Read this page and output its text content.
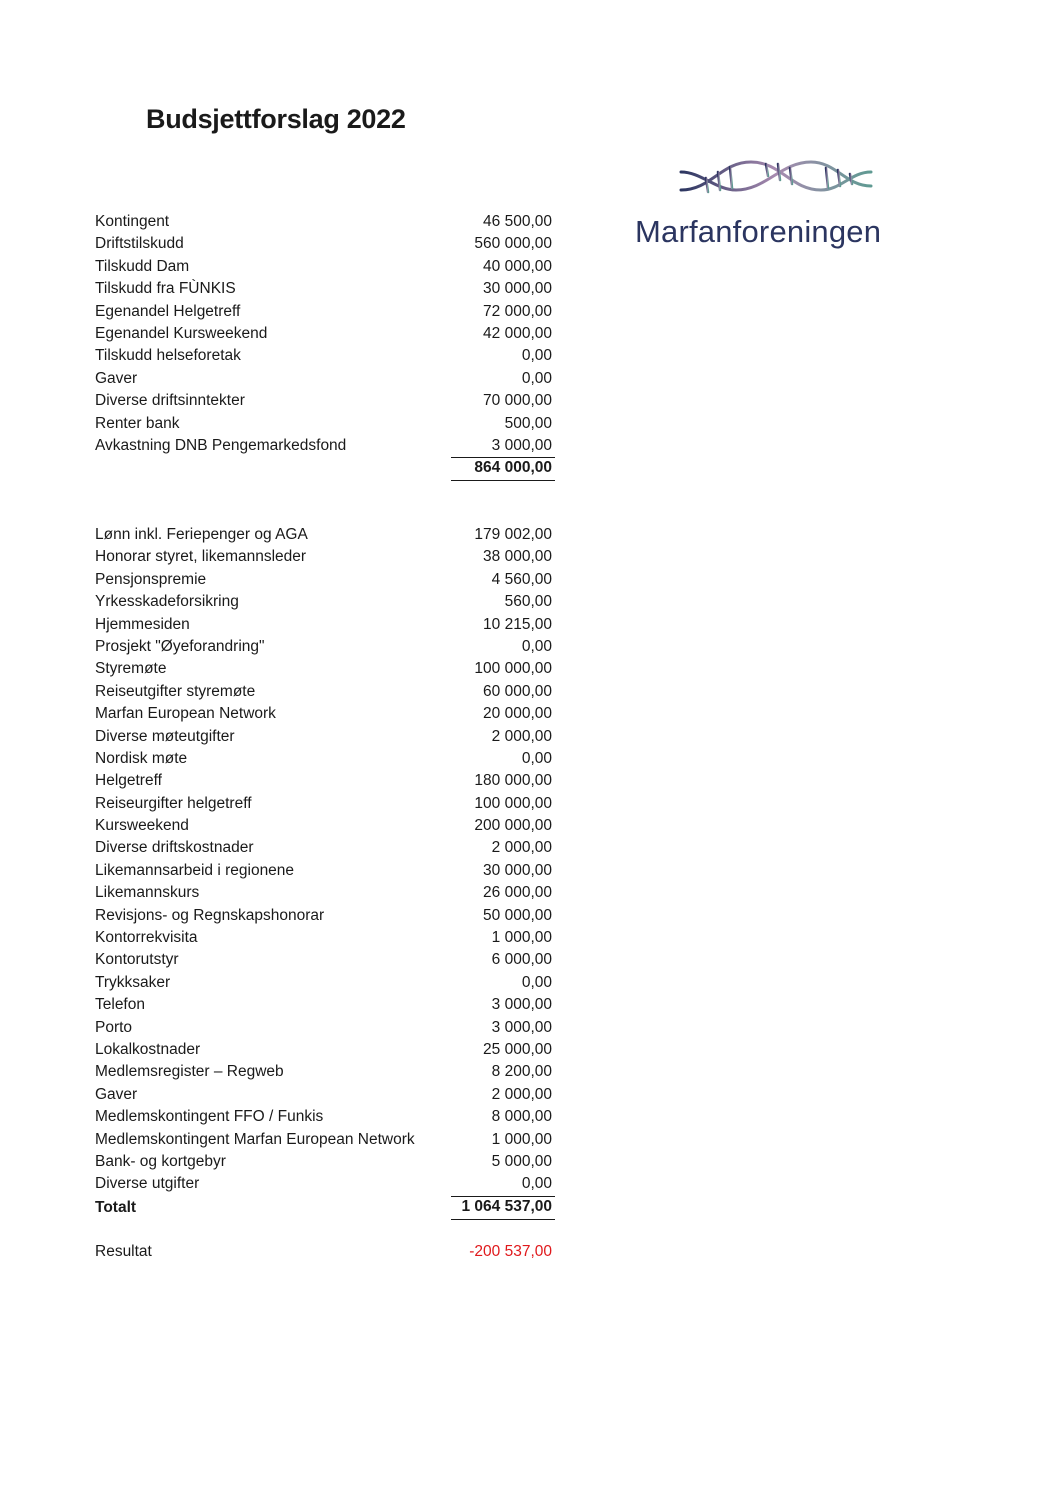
Budsjettforslag 2022
Marfanforeningen
Kontingent	46 500,00
Driftstilskudd	560 000,00
Tilskudd Dam	40 000,00
Tilskudd fra FÙNKIS	30 000,00
Egenandel Helgetreff	72 000,00
Egenandel Kursweekend	42 000,00
Tilskudd helseforetak	0,00
Gaver	0,00
Diverse driftsinntekter	70 000,00
Renter bank	500,00
Avkastning DNB Pengemarkedsfond	3 000,00
864 000,00
Lønn inkl. Feriepenger og AGA	179 002,00
Honorar styret, likemannsleder	38 000,00
Pensjonspremie	4 560,00
Yrkesskadeforsikring	560,00
Hjemmesiden	10 215,00
Prosjekt "Øyeforandring"	0,00
Styremøte	100 000,00
Reiseutgifter styremøte	60 000,00
Marfan European Network	20 000,00
Diverse møteutgifter	2 000,00
Nordisk møte	0,00
Helgetreff	180 000,00
Reiseurgifter helgetreff	100 000,00
Kursweekend	200 000,00
Diverse driftskostnader	2 000,00
Likemannsarbeid i regionene	30 000,00
Likemannskurs	26 000,00
Revisjons- og Regnskapshonorar	50 000,00
Kontorrekvisita	1 000,00
Kontorutstyr	6 000,00
Trykksaker	0,00
Telefon	3 000,00
Porto	3 000,00
Lokalkostnader	25 000,00
Medlemsregister – Regweb	8 200,00
Gaver	2 000,00
Medlemskontingent FFO / Funkis	8 000,00
Medlemskontingent Marfan European Network	1 000,00
Bank- og kortgebyr	5 000,00
Diverse utgifter	0,00
Totalt	1 064 537,00
Resultat	-200 537,00
